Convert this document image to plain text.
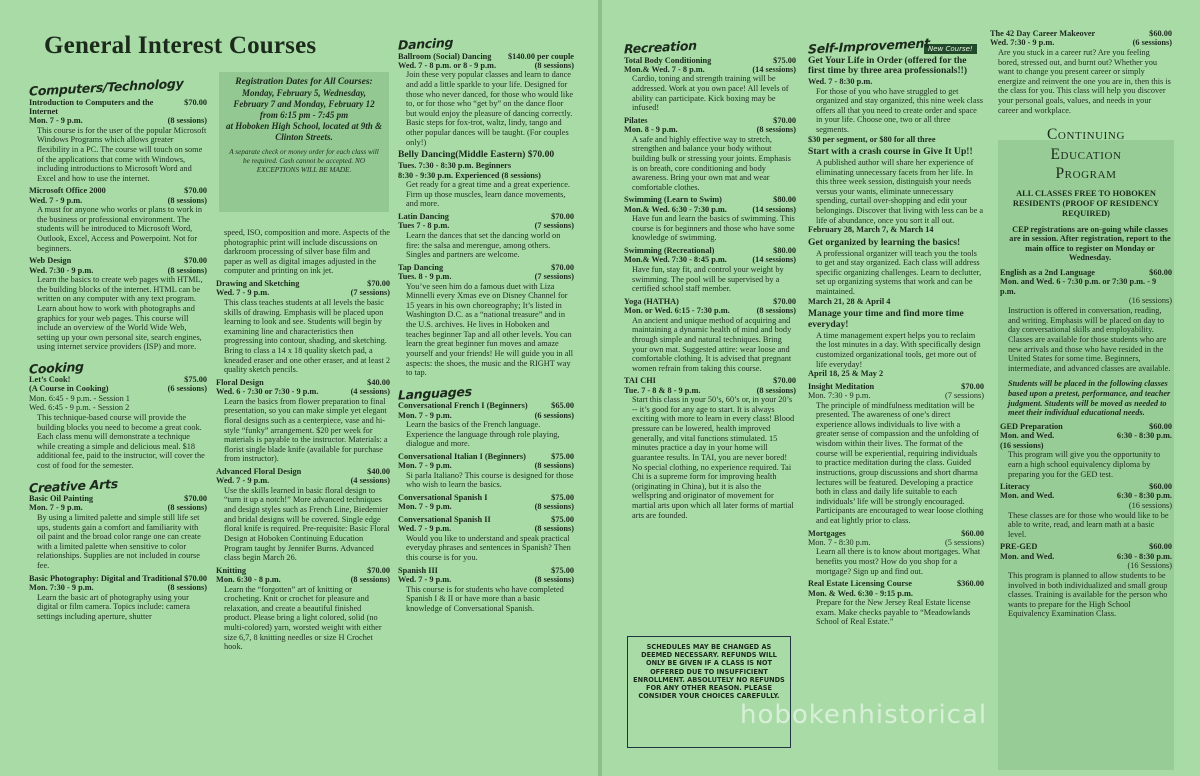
General Interest Courses
Registration Dates for All Courses:
Monday, February 5, Wednesday, February 7 and Monday, February 12
from 6:15 pm - 7:45 pm
at Hoboken High School, located at 9th & Clinton Streets.
A separate check or money order for each class will be required. Cash cannot be accepted. NO EXCEPTIONS WILL BE MADE.
Computers/Technology
Introduction to Computers and the Internet
$70.00
Mon. 7 - 9 p.m.	(8 sessions)

This course is for the user of the popular Microsoft Windows Programs which allows greater flexibility in a PC. The course will touch on some of the applications that come with Windows, including introductions to Microsoft Word and Excel and how to use the internet.

Microsoft Office 2000	$70.00
Wed. 7 - 9 p.m.	(8 sessions)

A must for anyone who works or plans to work in the business or professional environment. The students will be introduced to Microsoft Word, Outlook, Excel, Access and Powerpoint. Not for beginners.

Web Design	$70.00
Wed. 7:30 - 9 p.m.	(8 sessions)

Learn the basics to create web pages with HTML, the building blocks of the internet. HTML can be written on any computer with any text program. Learn about how to work with photographs and graphics for your web pages. This course will include an overview of the World Wide Web, setting up your own personal site, search engines, using internet service providers (ISP) and more.

Cooking
Let’s Cook!	$75.00
(A Course in Cooking)	(6 sessions)
Mon. 6:45 - 9 p.m. - Session 1
Wed. 6:45 - 9 p.m. - Session 2

This technique-based course will provide the building blocks you need to become a great cook. Each class menu will demonstrate a technique while creating a simple and delicious meal. $18 additional fee, paid to the instructor, will cover the cost of food for the semester.

Creative Arts
Basic Oil Painting	$70.00
Mon. 7 - 9 p.m.	(8 sessions)

By using a limited palette and simple still life set ups, students gain a comfort and familiarity with oil paint and the broad color range one can create with a limited palette when sensitive to color relationships. Supplies are not included in course fee.

Basic Photography: Digital and Traditional $70.00
Mon. 7:30 - 9 p.m.	(8 sessions)

Learn the basic art of photography using your digital or film camera. Topics include: camera settings including aperture, shutter

speed, ISO, composition and more. Aspects of the photographic print will include discussions on darkroom processing of silver base film and paper as well as digital images adjusted in the computer and printing on ink jet.

Drawing and Sketching	$70.00
Wed. 7 - 9 p.m.	(7 sessions)

This class teaches students at all levels the basic skills of drawing. Emphasis will be placed upon learning to look and see. Students will begin by examining line and characteristics then progressing into contour, shading, and sketching. Bring to class a 14 x 18 quality sketch pad, a kneaded eraser and one other eraser, and at least 2 quality sketch pencils.

Floral Design	$40.00
Wed. 6 - 7:30 or 7:30 - 9 p.m.	(4 sessions)

Learn the basics from flower preparation to final presentation, so you can make simple yet elegant floral designs such as a centerpiece, vase and hi-style “funky” arrangement. $20 per week for materials is payable to the instructor. Materials: a florist single blade knife (available for purchase from instructor).

Advanced Floral Design	$40.00
Wed. 7 - 9 p.m.	(4 sessions)

Use the skills learned in basic floral design to “turn it up a notch!” More advanced techniques and design styles such as French Line, Biedemier and bridal designs will be covered. Single edge floral knife is required. Pre-requisite: Basic Floral Design at Hoboken Continuing Education Program taught by Jennifer Burns. Advanced class begin March 26.

Knitting	$70.00
Mon. 6:30 - 8 p.m.	(8 sessions)

Learn the “forgotten” art of knitting or crocheting. Knit or crochet for pleasure and relaxation, and create a beautiful finished product. Please bring a light colored, solid (no multi-colored) yarn, worsted weight with either size 6,7, 8 knitting needles or size H Crochet hook.

Dancing
Ballroom (Social) Dancing $140.00 per couple
Wed. 7 - 8 p.m. or 8 - 9 p.m.	(8 sessions)

Join these very popular classes and learn to dance and add a little sparkle to your life. Designed for those who never danced, for those who would like to, or for those who “get by” on the dance floor but would enjoy the pleasure of dancing correctly. Basic steps for fox-trot, waltz, lindy, tango and other popular dances will be taught. (For couples only!)

Belly Dancing(Middle Eastern) $70.00
Tues. 7:30 - 8:30 p.m. Beginners
8:30 - 9:30 p.m. Experienced (8 sessions)

Get ready for a great time and a great experience. Firm up those muscles, learn dance movements, and more.

Latin Dancing	$70.00
Tues 7 - 8 p.m.	(7 sessions)

Learn the dances that set the dancing world on fire: the salsa and merengue, among others. Singles and partners are welcome.

Tap Dancing	$70.00
Tues. 8 - 9 p.m.	(7 sessions)

You’ve seen him do a famous duet with Liza Minnelli every Xmas eve on Disney Channel for 15 years in his own choreography; It’s listed in Washington D.C. as a “national treasure” and in the U.S. archives. He lives in Hoboken and teaches beginner Tap and all other levels. You can learn the great beginner fun moves and amaze yourself and your friends! He will guide you in all aspects: the shoes, the music and the RIGHT way to tap.

Languages
Conversational French I (Beginners)	$65.00
Mon. 7 - 9 p.m.	(6 sessions)

Learn the basics of the French language. Experience the language through role playing, dialogue and more.

Conversational Italian I (Beginners)	$75.00
Mon. 7 - 9 p.m.	(8 sessions)

Si parla Italiano? This course is designed for those who wish to learn the basics.

Conversational Spanish I	$75.00
Mon. 7 - 9 p.m.	(8 sessions)
Conversational Spanish II	$75.00
Wed. 7 - 9 p.m.	(8 sessions)

Would you like to understand and speak practical everyday phrases and sentences in Spanish? Then this course is for you.

Spanish III	$75.00
Wed. 7 - 9 p.m.	(8 sessions)

This course is for students who have completed Spanish I & II or have more than a basic knowledge of Conversational Spanish.

Recreation
Total Body Conditioning	$75.00
Mon.& Wed. 7 - 8 p.m.	(14 sessions)

Cardio, toning and strength training will be addressed. Work at you own pace! All levels of ability can participate. Kick boxing may be infused!

Pilates	$70.00
Mon. 8 - 9 p.m.	(8 sessions)

A safe and highly effective way to stretch, strengthen and balance your body without building bulk or stressing your joints. Emphasis is on breath, core conditioning and body awareness. Bring your own mat and wear comfortable clothes.

Swimming (Learn to Swim)	$80.00
Mon.& Wed. 6:30 - 7:30 p.m.	(14 sessions)

Have fun and learn the basics of swimming. This course is for beginners and those who have some knowledge of swimming.

Swimming (Recreational)	$80.00
Mon.& Wed. 7:30 - 8:45 p.m.	(14 sessions)

Have fun, stay fit, and control your weight by swimming. The pool will be supervised by a certified school staff member.

Yoga (HATHA)	$70.00
Mon. or Wed. 6:15 - 7:30 p.m.	(8 sessions)

An ancient and unique method of acquiring and maintaining a dynamic health of mind and body through simple and natural techniques. Bring your own mat. Suggested attire: wear loose and comfortable clothing. It is advised that pregnant women refrain from taking this course.

TAI CHI	$70.00
Tue. 7 - 8 & 8 - 9 p.m.	(8 sessions)

Start this class in your 50’s, 60’s or, in your 20’s -- it’s good for any age to start. It is always exciting with more to learn in every class! Blood pressure can be lowered, health improved generally, and vital functions stimulated. 15 minutes practice a day in your home will guarantee results. In TAI, you are never bored! No special clothing, no experience required. Tai Chi is a supreme form for improving health (originating in China), but it is also the wellspring and originator of movement for martial arts upon which all later forms of martial arts are founded.

SCHEDULES MAY BE CHANGED AS DEEMED NECESSARY. REFUNDS WILL ONLY BE GIVEN IF A CLASS IS NOT OFFERED DUE TO INSUFFICIENT ENROLLMENT. ABSOLUTELY NO REFUNDS FOR ANY OTHER REASON. PLEASE CONSIDER YOUR CHOICES CAREFULLY.
New Course!
Self-Improvement
Get Your Life in Order (offered for the first time by three area professionals!!)
Wed. 7 - 8:30 p.m.

For those of you who have struggled to get organized and stay organized, this nine week class offers all that you need to create order and space in your life. Choose one, two or all three segments.

$30 per segment, or $80 for all three
Start with a crash course in Give It Up!!

A published author will share her experience of eliminating unnecessary facets from her life. In this three week session, distinguish your needs versus your wants, eliminate unnecessary spending, curtail over-shopping and edit your belongings. Discover that living with less can be a life of abundance, once you sort it all out.

February 28, March 7, & March 14
Get organized by learning the basics!

A professional organizer will teach you the tools to get and stay organized. Each class will address specific organizing challenges. Learn to declutter, set up organizing systems that work and can be maintained.

March 21, 28 & April 4
Manage your time and find more time everyday!

A time management expert helps you to reclaim the lost minutes in a day. With specifically design customized organizational tools, get more out of life everyday!

April 18, 25 & May 2
Insight Meditation	$70.00
Mon. 7:30 - 9 p.m.	(7 sessions)

The principle of mindfulness meditation will be presented. The awareness of one’s direct experience allows individuals to live with a greater sense of compassion and the unfolding of wisdom within their lives. The format of the course will be experiential, requiring individuals to practice meditation during the class. Guided instructions, group discussions and short dharma lectures will be featured. Developing a practice both in class and daily life suitable to each individuals’ life will be strongly encouraged. Participants are encouraged to wear loose clothing and eat lightly prior to class.

Mortgages	$60.00
Mon. 7 - 8:30 p.m.	(5 sessions)

Learn all there is to know about mortgages. What benefits you most? How do you shop for a mortgage? Sign up and find out.

Real Estate Licensing Course	$360.00
Mon. & Wed. 6:30 - 9:15 p.m.

Prepare for the New Jersey Real Estate license exam. Make checks payable to “Meadowlands School of Real Estate.”

The 42 Day Career Makeover	$60.00
Wed. 7:30 - 9 p.m.	(6 sessions)

Are you stuck in a career rut? Are you feeling bored, stressed out, and burnt out? Whether you want to change you present career or simply energize and reinvent the one you are in, then this is the class for you. This class will help you discover your personal goals, values, and needs in your career and workplace.

Continuing
Education
Program
ALL CLASSES FREE TO HOBOKEN RESIDENTS (PROOF OF RESIDENCY REQUIRED)

CEP registrations are on-going while classes are in session. After registration, report to the main office to register on Monday or Wednesday.

English as a 2nd Language	$60.00
Mon. and Wed. 6 - 7:30 p.m. or 7:30 p.m. - 9 p.m.
(16 sessions)

Instruction is offered in conversation, reading, and writing. Emphasis will be placed on day to day conversational skills and employability. Classes are available for those students who are new arrivals and those who have resided in the United States for some time. Beginners, intermediate, and advanced classes are available.

Students will be placed in the following classes based upon a pretest, performance, and teacher judgment. Students will be moved as needed to meet their individual educational needs.

GED Preparation	$60.00
Mon. and Wed.	6:30 - 8:30 p.m.
(16 sessions)

This program will give you the opportunity to earn a high school equivalency diploma by preparing you for the GED test.

Literacy	$60.00
Mon. and Wed.	6:30 - 8:30 p.m.
(16 sessions)

These classes are for those who would like to be able to write, read, and learn math at a basic level.

PRE-GED	$60.00
Mon. and Wed.	6:30 - 8:30 p.m.
(16 Sessions)

This program is planned to allow students to be involved in both individualized and small group classes. Training is available for the person who wants to prepare for the High School Equivalency Examination Class.

hobokenhistorical
